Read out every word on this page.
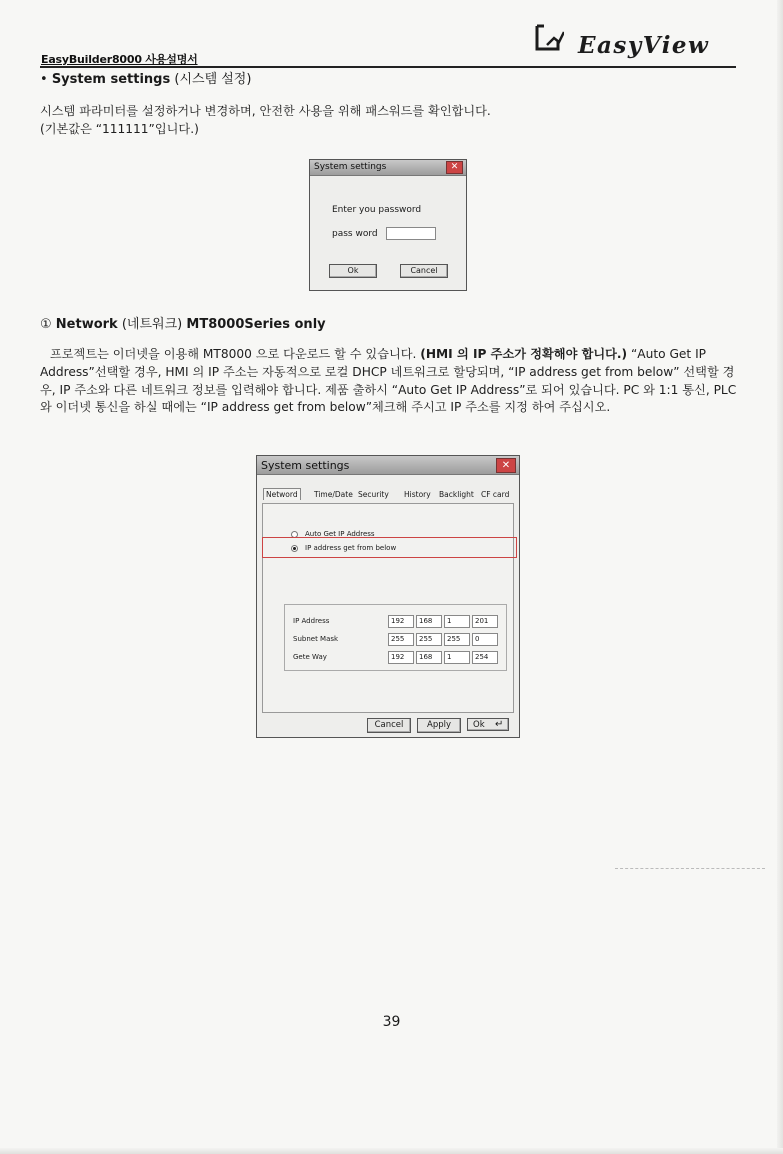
EasyView
EasyBuilder8000 사용설명서
• System settings (시스템 설정)
시스템 파라미터를 설정하거나 변경하며, 안전한 사용을 위해 패스워드를 확인합니다.
(기본값은 “111111”입니다.)
System settings	✕
Enter you password
pass word
Ok	Cancel
① Network (네트워크) MT8000Series only
프로젝트는 이더넷을 이용해 MT8000 으로 다운로드 할 수 있습니다. (HMI 의 IP 주소가 정확해야 합니다.) “Auto Get IP Address”선택할 경우, HMI 의 IP 주소는 자동적으로 로컬 DHCP 네트워크로 할당되며, “IP address get from below” 선택할 경우, IP 주소와 다른 네트워크 정보를 입력해야 합니다. 제품 출하시 “Auto Get IP Address”로 되어 있습니다. PC 와 1:1 통신, PLC 와 이더넷 통신을 하실 때에는 “IP address get from below”체크해 주시고 IP 주소를 지정 하여 주십시오.
System settings	✕
Netword	Time/Date Security	History	Backlight CF card
Auto Get IP Address
IP address get from below
IP Address	192	168	1	201
Subnet Mask	255	255	255	0
Gete Way	192	168	1	254
Cancel	Apply	Ok	↵
39
